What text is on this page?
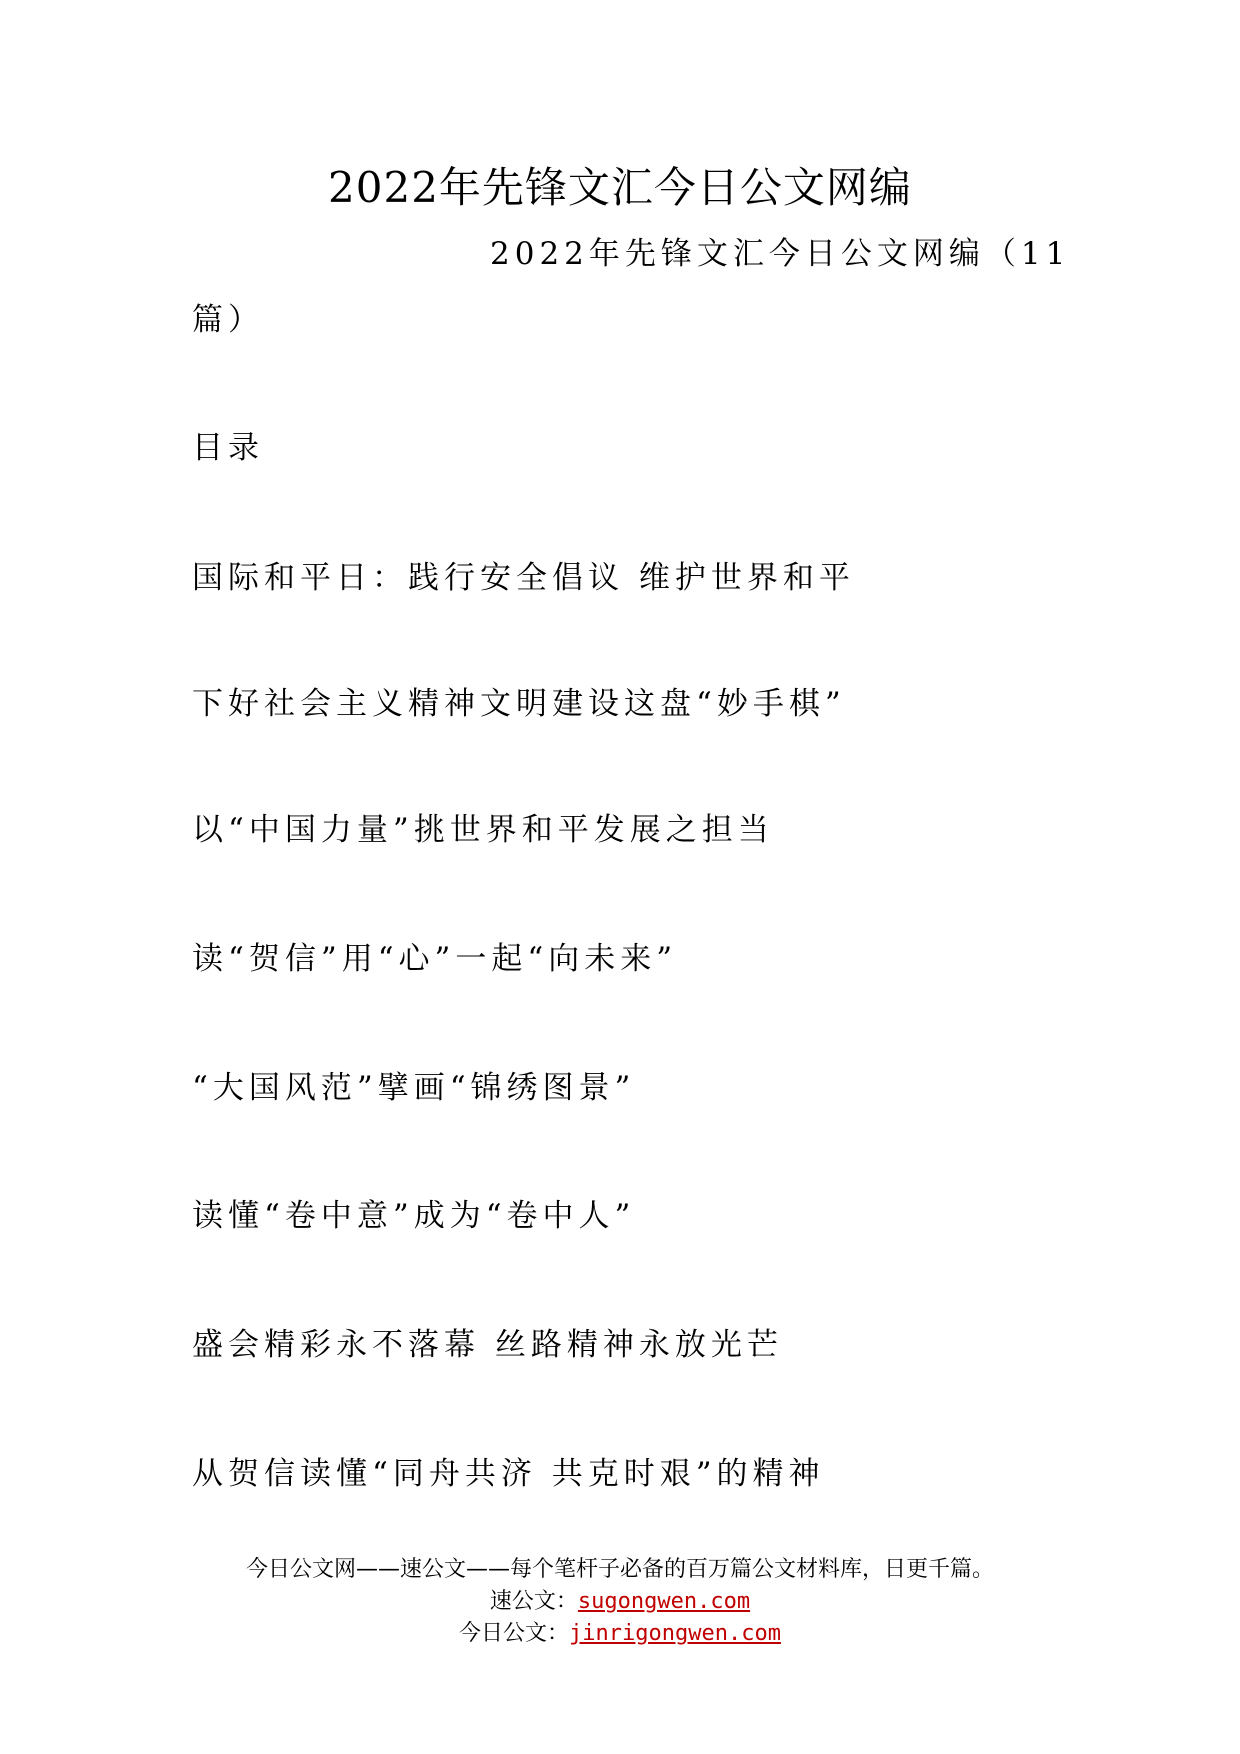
2022年先锋文汇今日公文网编
2022年先锋文汇今日公文网编（11
篇）
目录
国际和平日：践行安全倡议 维护世界和平
下好社会主义精神文明建设这盘“妙手棋”
以“中国力量”挑世界和平发展之担当
读“贺信”用“心”一起“向未来”
“大国风范”擘画“锦绣图景”
读懂“卷中意”成为“卷中人”
盛会精彩永不落幕 丝路精神永放光芒
从贺信读懂“同舟共济 共克时艰”的精神
今日公文网——速公文——每个笔杆子必备的百万篇公文材料库，日更千篇。
速公文：sugongwen.com
今日公文：jinrigongwen.com
